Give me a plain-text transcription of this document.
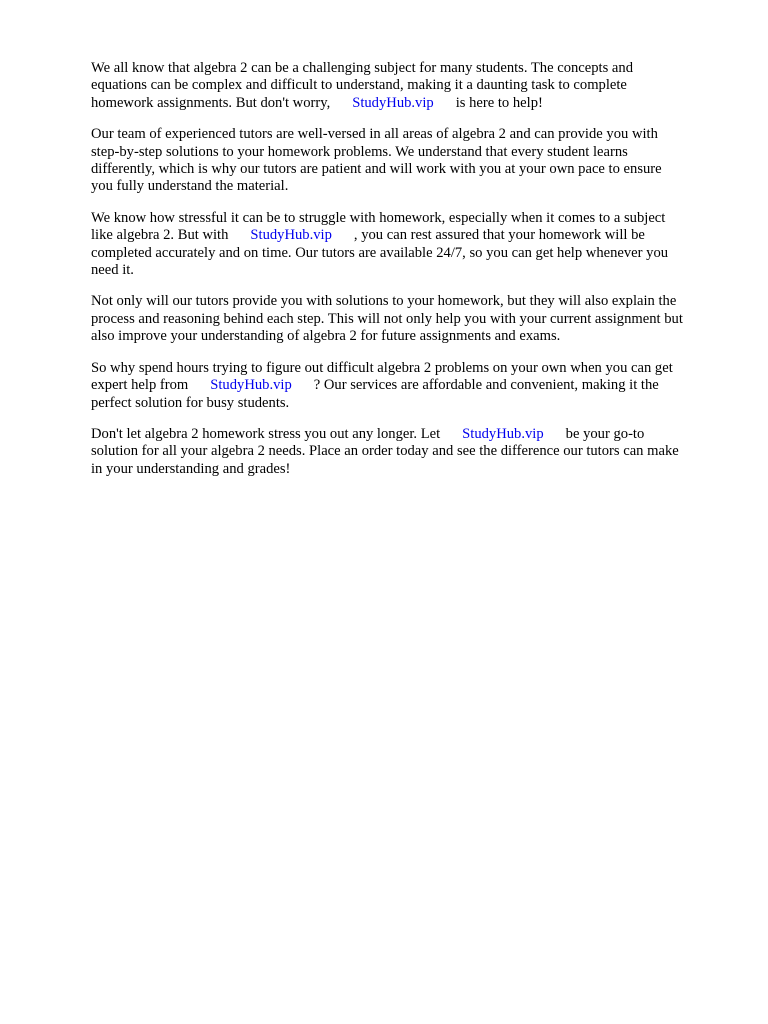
We all know that algebra 2 can be a challenging subject for many students. The concepts and
equations can be complex and difficult to understand, making it a daunting task to complete
homework assignments. But don't worry, StudyHub.vip is here to help!

Our team of experienced tutors are well-versed in all areas of algebra 2 and can provide you with
step-by-step solutions to your homework problems. We understand that every student learns
differently, which is why our tutors are patient and will work with you at your own pace to ensure
you fully understand the material.

We know how stressful it can be to struggle with homework, especially when it comes to a subject
like algebra 2. But with StudyHub.vip , you can rest assured that your homework will be
completed accurately and on time. Our tutors are available 24/7, so you can get help whenever you
need it.

Not only will our tutors provide you with solutions to your homework, but they will also explain the
process and reasoning behind each step. This will not only help you with your current assignment but
also improve your understanding of algebra 2 for future assignments and exams.

So why spend hours trying to figure out difficult algebra 2 problems on your own when you can get
expert help from StudyHub.vip ? Our services are affordable and convenient, making it the
perfect solution for busy students.

Don't let algebra 2 homework stress you out any longer. Let StudyHub.vip be your go-to
solution for all your algebra 2 needs. Place an order today and see the difference our tutors can make
in your understanding and grades!
